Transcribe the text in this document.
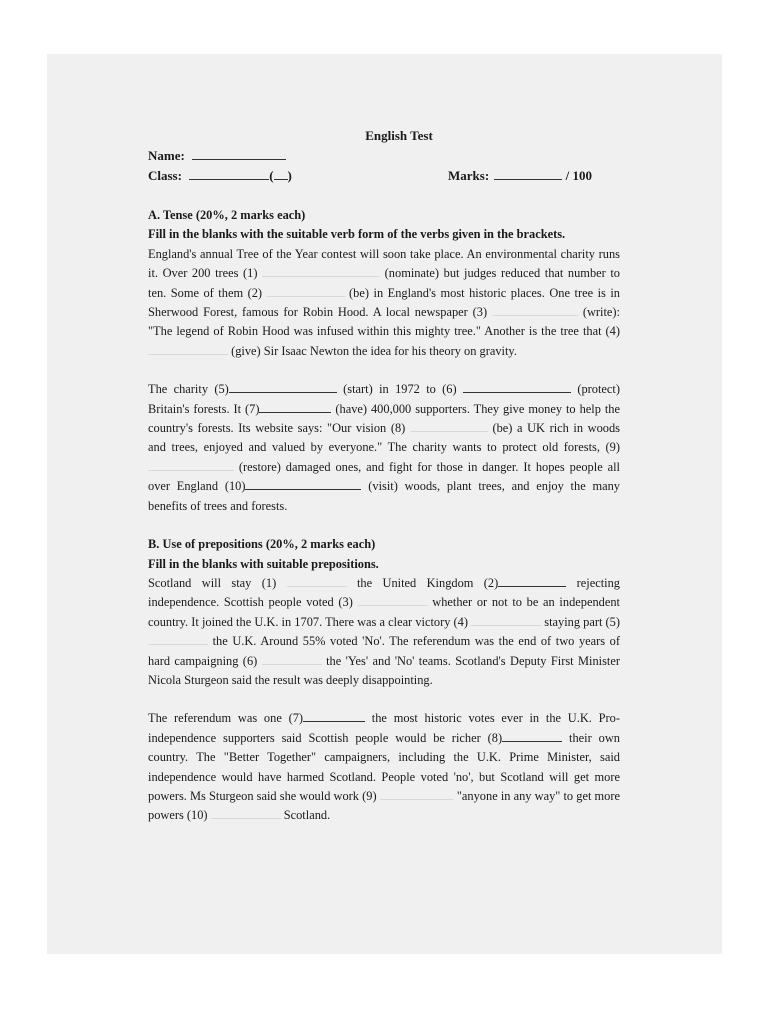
English Test
Name:
Class:	( )	Marks:	/ 100
A. Tense (20%, 2 marks each)
Fill in the blanks with the suitable verb form of the verbs given in the brackets.
England's annual Tree of the Year contest will soon take place. An environmental charity runs it. Over 200 trees (1)	(nominate) but judges reduced that number to ten. Some of them (2)	(be) in England's most historic places. One tree is in Sherwood Forest, famous for Robin Hood. A local newspaper (3)	(write): "The legend of Robin Hood was infused within this mighty tree." Another is the tree that (4)  (give) Sir Isaac Newton the idea for his theory on gravity.
The charity (5)	(start) in 1972 to (6)	(protect) Britain's forests. It (7)	(have) 400,000 supporters. They give money to help the country's forests. Its website says: "Our vision (8)	(be) a UK rich in woods and trees, enjoyed and valued by everyone." The charity wants to protect old forests, (9)  (restore) damaged ones, and fight for those in danger. It hopes people all over England (10)	(visit) woods, plant trees, and enjoy the many benefits of trees and forests.
B. Use of prepositions (20%, 2 marks each)
Fill in the blanks with suitable prepositions.
Scotland will stay (1)	the United Kingdom (2)	rejecting independence. Scottish people voted (3)	whether or not to be an independent country. It joined the U.K. in 1707. There was a clear victory (4)	staying part (5)  the U.K. Around 55% voted 'No'. The referendum was the end of two years of hard campaigning (6)	the 'Yes' and 'No' teams. Scotland's Deputy First Minister Nicola Sturgeon said the result was deeply disappointing.
The referendum was one (7)	the most historic votes ever in the U.K. Pro-independence supporters said Scottish people would be richer (8)	their own country. The "Better Together" campaigners, including the U.K. Prime Minister, said independence would have harmed Scotland. People voted 'no', but Scotland will get more powers. Ms Sturgeon said she would work (9)	"anyone in any way" to get more powers (10)	Scotland.
